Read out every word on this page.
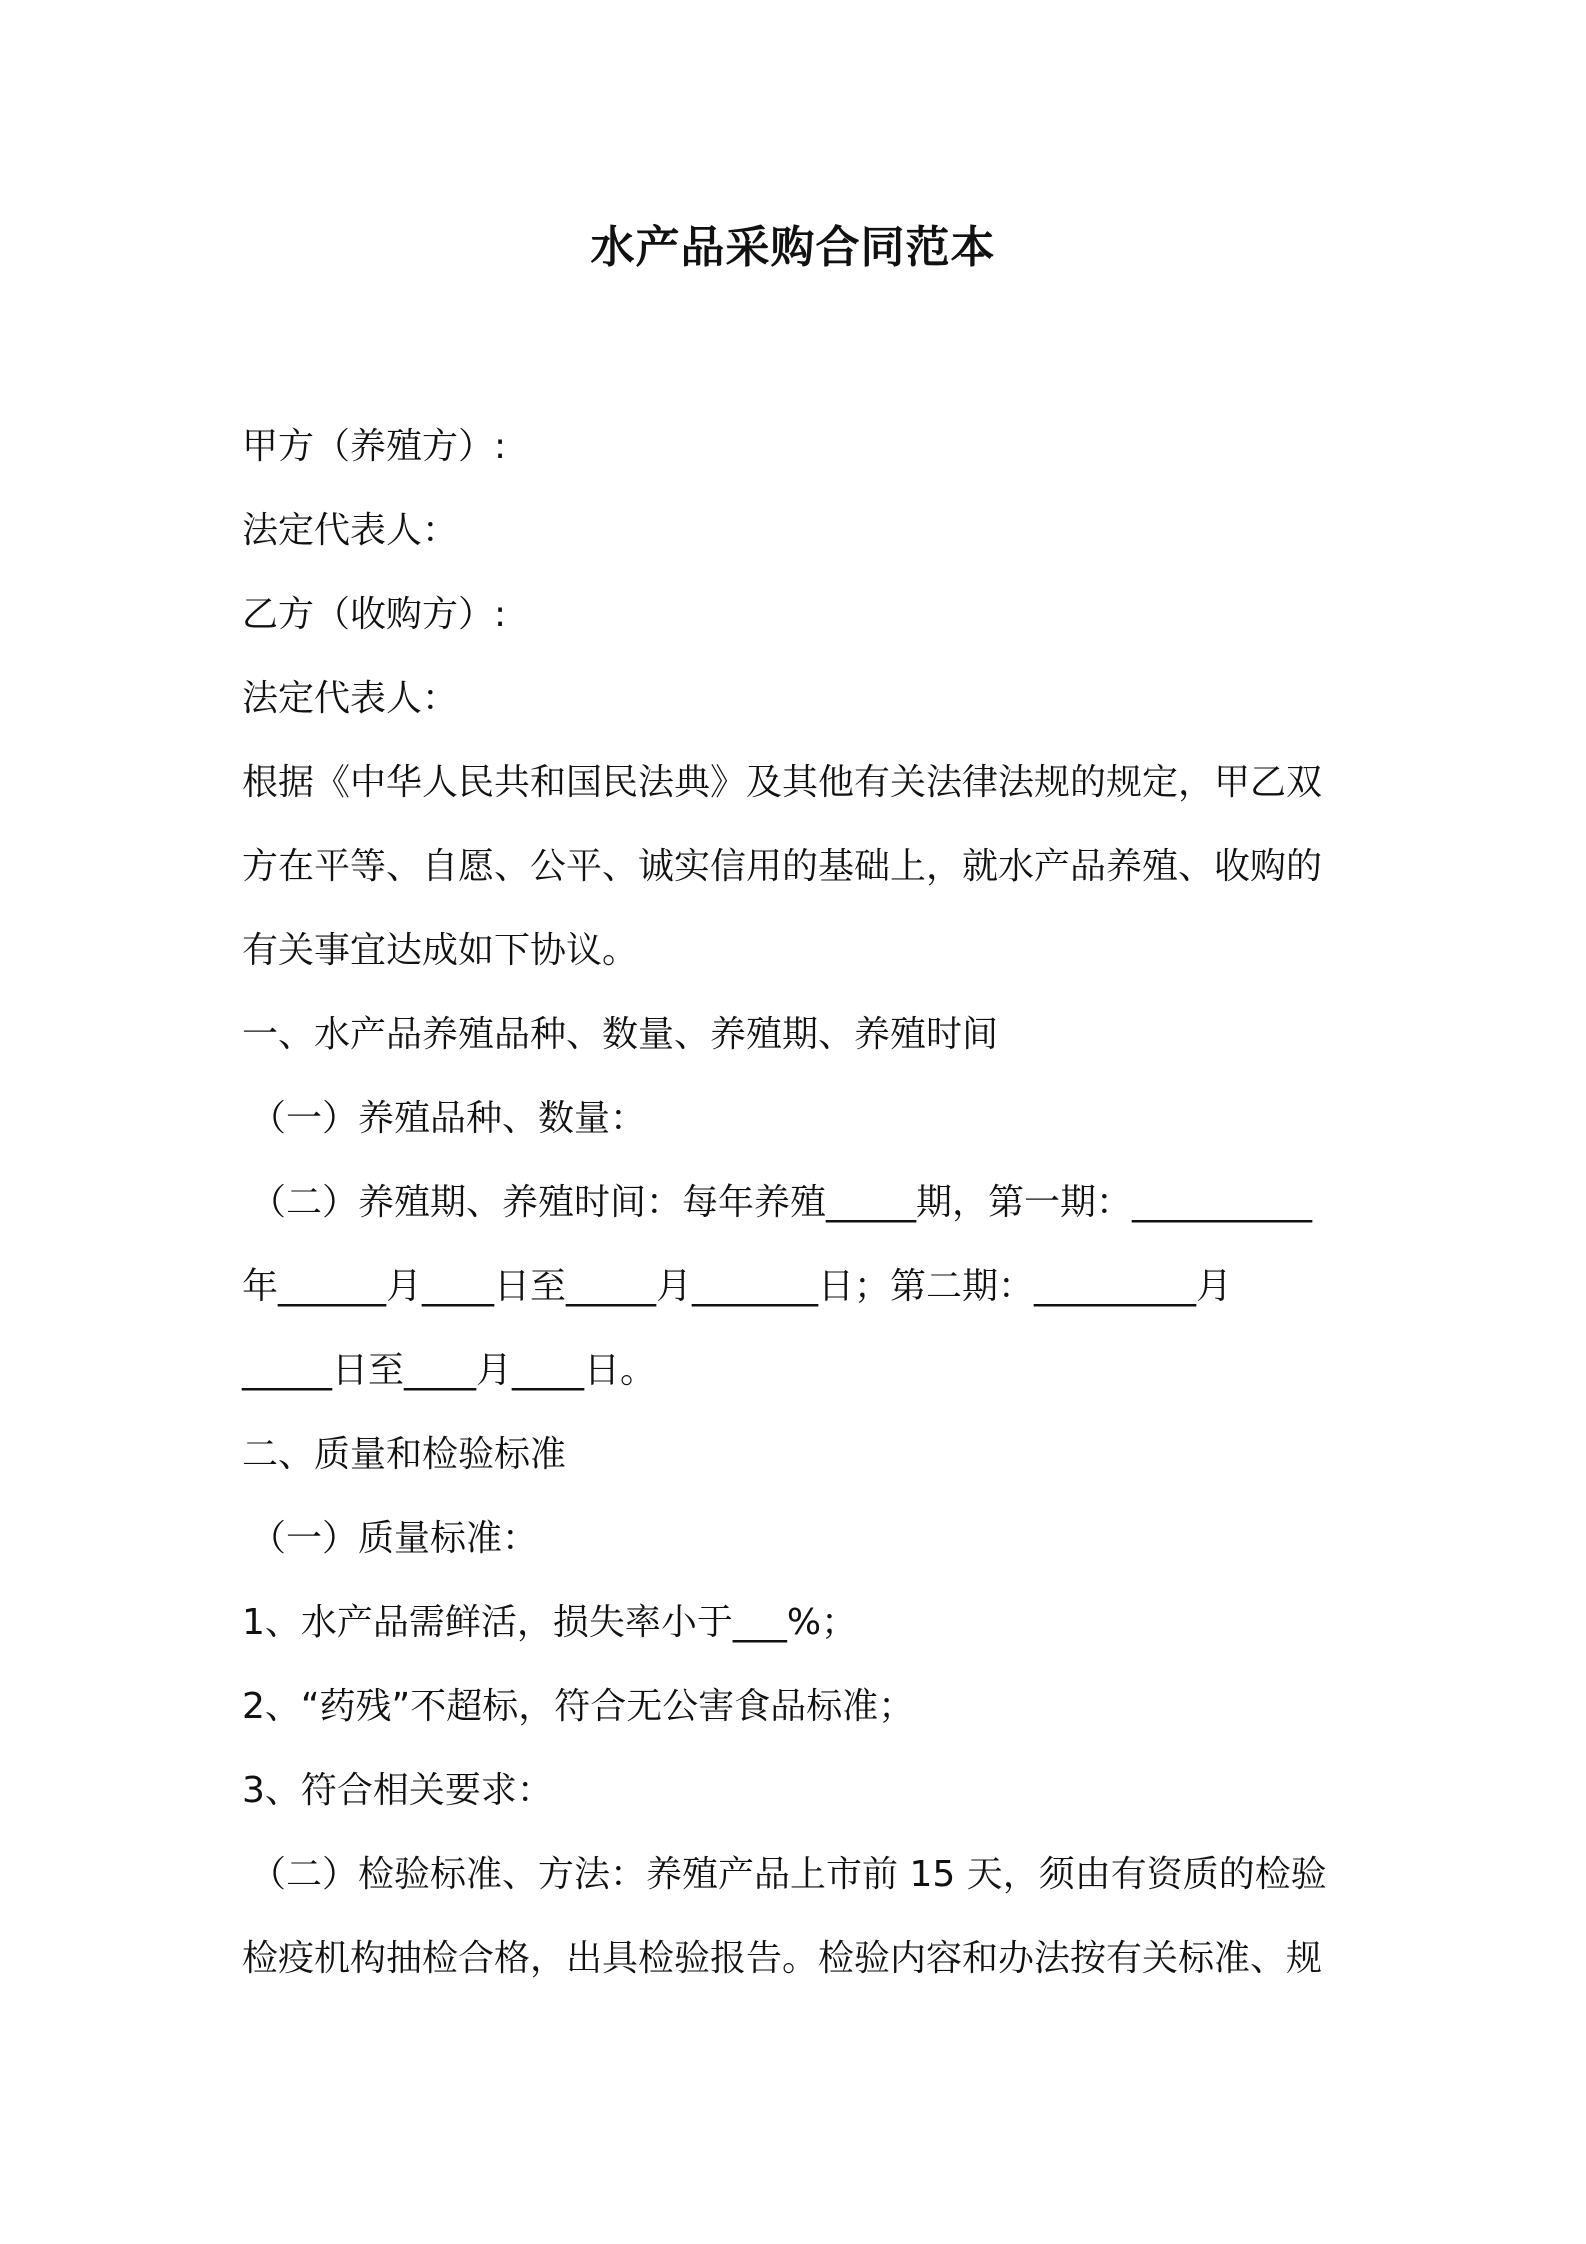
水产品采购合同范本

甲方（养殖方）:

法定代表人：

乙方（收购方）:

法定代表人：

根据《中华人民共和国民法典》及其他有关法律法规的规定，甲乙双

方在平等、自愿、公平、诚实信用的基础上，就水产品养殖、收购的

有关事宜达成如下协议。

一、水产品养殖品种、数量、养殖期、养殖时间

（一）养殖品种、数量：

（二）养殖期、养殖时间：每年养殖_____期，第一期：__________

年______月____日至_____月_______日；第二期：_________月

_____日至____月____日。

二、质量和检验标准

（一）质量标准：

1、水产品需鲜活，损失率小于___%；

2、“药残”不超标，符合无公害食品标准；

3、符合相关要求：

（二）检验标准、方法：养殖产品上市前 15 天，须由有资质的检验

检疫机构抽检合格，出具检验报告。检验内容和办法按有关标准、规
